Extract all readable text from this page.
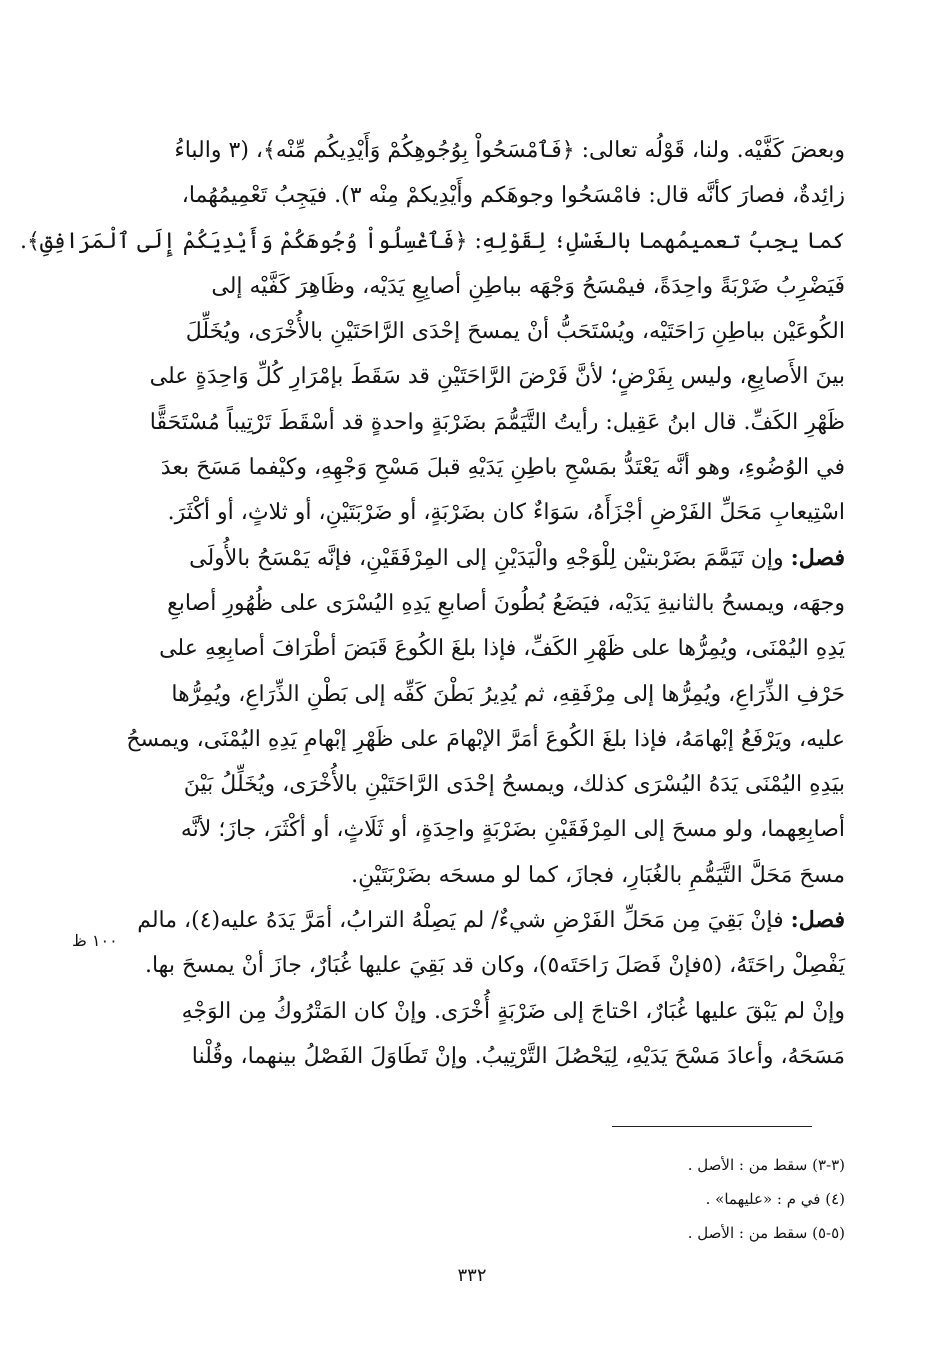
وبعضَ كَفَّيْه. ولنا، قَوْلُه تعالى: ﴿فَٱمْسَحُواْ بِوُجُوهِكُمْ وَأَيْدِيكُم مِّنْه﴾، (٣ والباءُ
زائِدةٌ، فصارَ كأنَّه قال: فامْسَحُوا وجوهَكم وأَيْدِيكمْ مِنْه ٣). فيَجِبُ تَعْمِيمُهُما،
كما يجِبُ تعميمُهما بالغَسْلِ؛ لِقَوْلِهِ: ﴿فَٱغْسِلُواْ وُجُوهَكُمْ وَأَيْدِيَكُمْ إِلَى ٱلْمَرَافِقِ﴾.
فَيَضْرِبُ ضَرْبَةً واحِدَةً، فيمْسَحُ وَجْهَه بباطِنِ أصابِعِ يَدَيْه، وظَاهِرَ كَفَّيْه إلى
الكُوعَيْن بباطِنِ رَاحَتَيْه، ويُسْتَحَبُّ أنْ يمسحَ إحْدَى الرَّاحَتَيْنِ بالأُخْرَى، ويُخَلِّلَ
بينَ الأَصابِعِ، وليس بِفَرْضٍ؛ لأنَّ فَرْضَ الرَّاحَتَيْنِ قد سَقَطَ بإمْرَارِ كُلِّ وَاحِدَةٍ على
ظَهْرِ الكَفِّ. قال ابنُ عَقِيل: رأيتُ التَّيَمُّمَ بضَرْبَةٍ واحدةٍ قد أسْقَطَ تَرْتِيباً مُسْتَحَقًّا
في الوُضُوءِ، وهو أنَّه يَعْتَدُّ بمَسْحِ باطِنِ يَدَيْهِ قبلَ مَسْحِ وَجْهِهِ، وكيْفما مَسَحَ بعدَ
اسْتِيعابِ مَحَلِّ الفَرْضِ أجْزَأَهُ، سَوَاءٌ كان بضَرْبَةٍ، أو ضَرْبَتَيْنِ، أو ثلاثٍ، أو أكْثَرَ.
فصل: وإن تَيَمَّمَ بضَرْبتيْن لِلْوَجْهِ والْيَدَيْنِ إلى المِرْفَقَيْنِ، فإنَّه يَمْسَحُ بالأُولَى
وجهَه، ويمسحُ بالثانيةِ يَدَيْه، فيَضَعُ بُطُونَ أصابعِ يَدِهِ اليُسْرَى على ظُهُورِ أصابعِ
يَدِهِ اليُمْنَى، ويُمِرُّها على ظَهْرِ الكَفِّ، فإذا بلغَ الكُوعَ قَبَضَ أطْرَافَ أصابِعِهِ على
حَرْفِ الذِّرَاعِ، ويُمِرُّها إلى مِرْفَقِهِ، ثم يُدِيرُ بَطْنَ كَفِّه إلى بَطْنِ الذِّرَاعِ، ويُمِرُّها
عليه، ويَرْفَعُ إبْهامَهُ، فإذا بلغَ الكُوعَ أمَرَّ الإبْهامَ على ظَهْرِ إبْهامِ يَدِهِ اليُمْنَى، ويمسحُ
بيَدِهِ اليُمْنَى يَدَهُ اليُسْرَى كذلك، ويمسحُ إحْدَى الرَّاحَتَيْنِ بالأُخْرَى، ويُخَلِّلُ بَيْنَ
أصابِعِهما، ولو مسحَ إلى المِرْفَقَيْنِ بضَرْبَةٍ واحِدَةٍ، أو ثَلَاثٍ، أو أكْثَرَ، جازَ؛ لأنَّه
مسحَ مَحَلَّ التَّيَمُّمِ بالغُبَارِ، فجازَ، كما لو مسحَه بضَرْبَتَيْنِ.
فصل: فإنْ بَقِيَ مِن مَحَلِّ الفَرْضِ شيءٌ/ لم يَصِلْهُ الترابُ، أمَرَّ يَدَهُ عليه(٤)، مالم
يَفْصِلْ راحَتَهُ، (٥فإنْ فَصَلَ رَاحَتَه٥)، وكان قد بَقِيَ عليها غُبَارٌ، جازَ أنْ يمسحَ بها.
وإنْ لم يَبْقَ عليها غُبَارٌ، احْتاجَ إلى ضَرْبَةٍ أُخْرَى. وإنْ كان المَتْرُوكُ مِن الوَجْهِ
مَسَحَهُ، وأعادَ مَسْحَ يَدَيْهِ، لِيَحْصُلَ التَّرْتِيبُ. وإنْ تَطَاوَلَ الفَصْلُ بينهما، وقُلْنا
١٠٠ ظ
(٣-٣) سقط من : الأصل .
(٤) في م : «عليهما» .
(٥-٥) سقط من : الأصل .
٣٣٢
